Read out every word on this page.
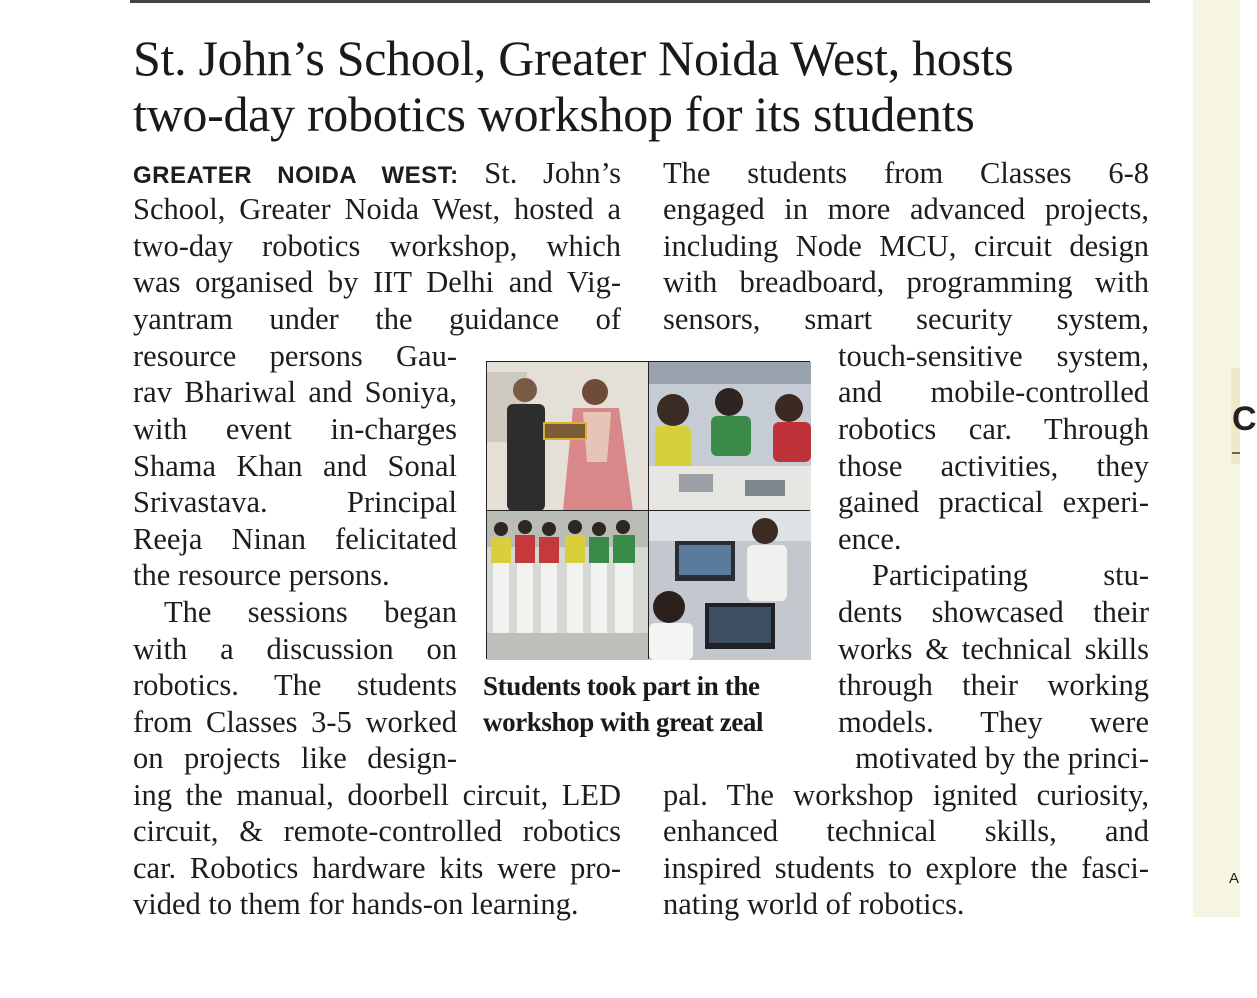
C
A
St. John’s School, Greater Noida West, hosts
two-day robotics workshop for its students

GREATER NOIDA WEST: St. John’s

School, Greater Noida West, hosted a

two-day robotics workshop, which

was organised by IIT Delhi and Vig-

yantram under the guidance of

resource persons Gau-

rav Bhariwal and Soniya,

with event in-charges

Shama Khan and Sonal

Srivastava. Principal

Reeja Ninan felicitated

the resource persons.

The sessions began

with a discussion on

robotics. The students

from Classes 3-5 worked

on projects like design-

ing the manual, doorbell circuit, LED

circuit, & remote-controlled robotics

car. Robotics hardware kits were pro-

vided to them for hands-on learning.

The students from Classes 6-8

engaged in more advanced projects,

including Node MCU, circuit design

with breadboard, programming with

sensors, smart security system,

touch-sensitive system,

and mobile-controlled

robotics car. Through

those activities, they

gained practical experi-

ence.

Participating stu-

dents showcased their

works & technical skills

through their working

models. They were

motivated by the princi-

pal. The workshop ignited curiosity,

enhanced technical skills, and

inspired students to explore the fasci-

nating world of robotics.

Students took part in the
workshop with great zeal
